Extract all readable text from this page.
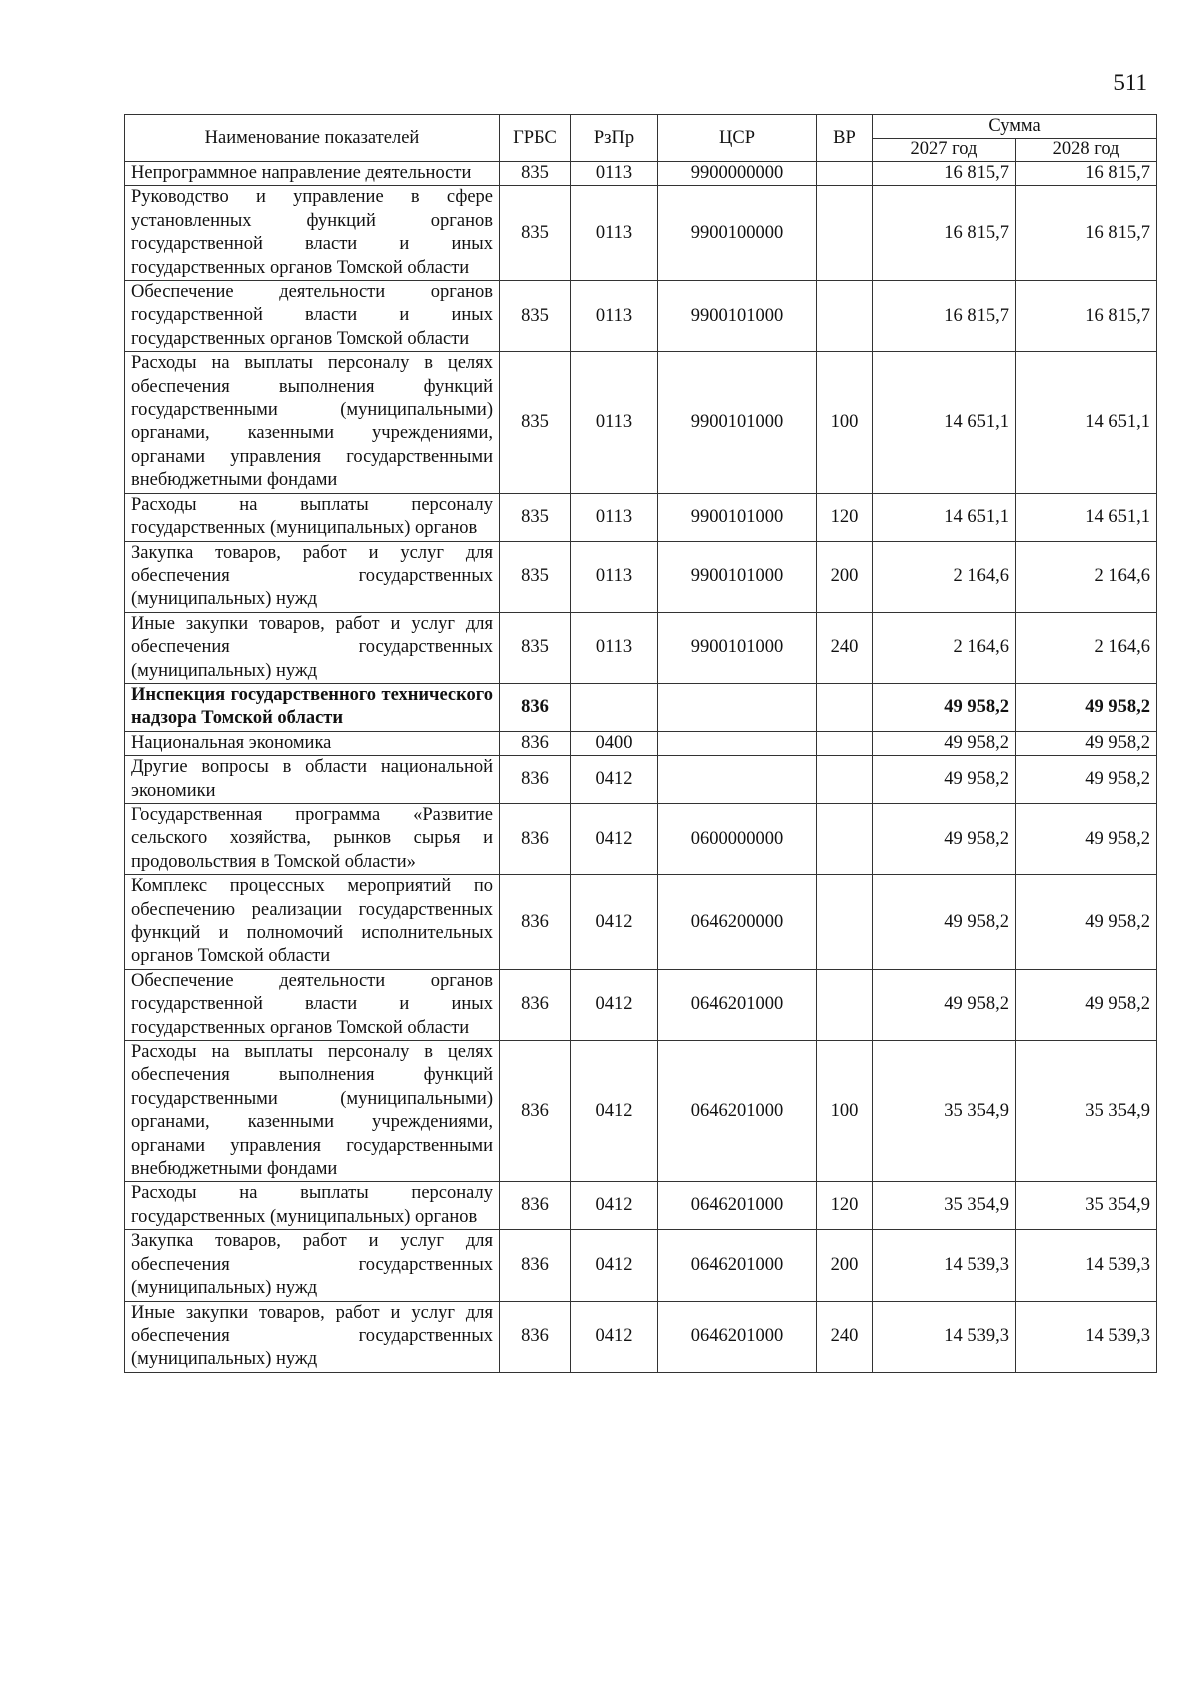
511
Наименование показателей	ГРБС	РзПр	ЦСР	ВР	Сумма	
					2027 год	2028 год
Непрограммное направление деятельности	835	0113	9900000000		16 815,7	16 815,7
Руководство и управление в сфере установленных функций органов государственной власти и иных государственных органов Томской области	835	0113	9900100000		16 815,7	16 815,7
Обеспечение деятельности органов государственной власти и иных государственных органов Томской области	835	0113	9900101000		16 815,7	16 815,7
Расходы на выплаты персоналу в целях обеспечения выполнения функций государственными (муниципальными) органами, казенными учреждениями, органами управления государственными внебюджетными фондами	835	0113	9900101000	100	14 651,1	14 651,1
Расходы на выплаты персоналу государственных (муниципальных) органов	835	0113	9900101000	120	14 651,1	14 651,1
Закупка товаров, работ и услуг для обеспечения государственных (муниципальных) нужд	835	0113	9900101000	200	2 164,6	2 164,6
Иные закупки товаров, работ и услуг для обеспечения государственных (муниципальных) нужд	835	0113	9900101000	240	2 164,6	2 164,6
Инспекция государственного технического надзора Томской области	836				49 958,2	49 958,2
Национальная экономика	836	0400			49 958,2	49 958,2
Другие вопросы в области национальной экономики	836	0412			49 958,2	49 958,2
Государственная программа «Развитие сельского хозяйства, рынков сырья и продовольствия в Томской области»	836	0412	0600000000		49 958,2	49 958,2
Комплекс процессных мероприятий по обеспечению реализации государственных функций и полномочий исполнительных органов Томской области	836	0412	0646200000		49 958,2	49 958,2
Обеспечение деятельности органов государственной власти и иных государственных органов Томской области	836	0412	0646201000		49 958,2	49 958,2
Расходы на выплаты персоналу в целях обеспечения выполнения функций государственными (муниципальными) органами, казенными учреждениями, органами управления государственными внебюджетными фондами	836	0412	0646201000	100	35 354,9	35 354,9
Расходы на выплаты персоналу государственных (муниципальных) органов	836	0412	0646201000	120	35 354,9	35 354,9
Закупка товаров, работ и услуг для обеспечения государственных (муниципальных) нужд	836	0412	0646201000	200	14 539,3	14 539,3
Иные закупки товаров, работ и услуг для обеспечения государственных (муниципальных) нужд	836	0412	0646201000	240	14 539,3	14 539,3
